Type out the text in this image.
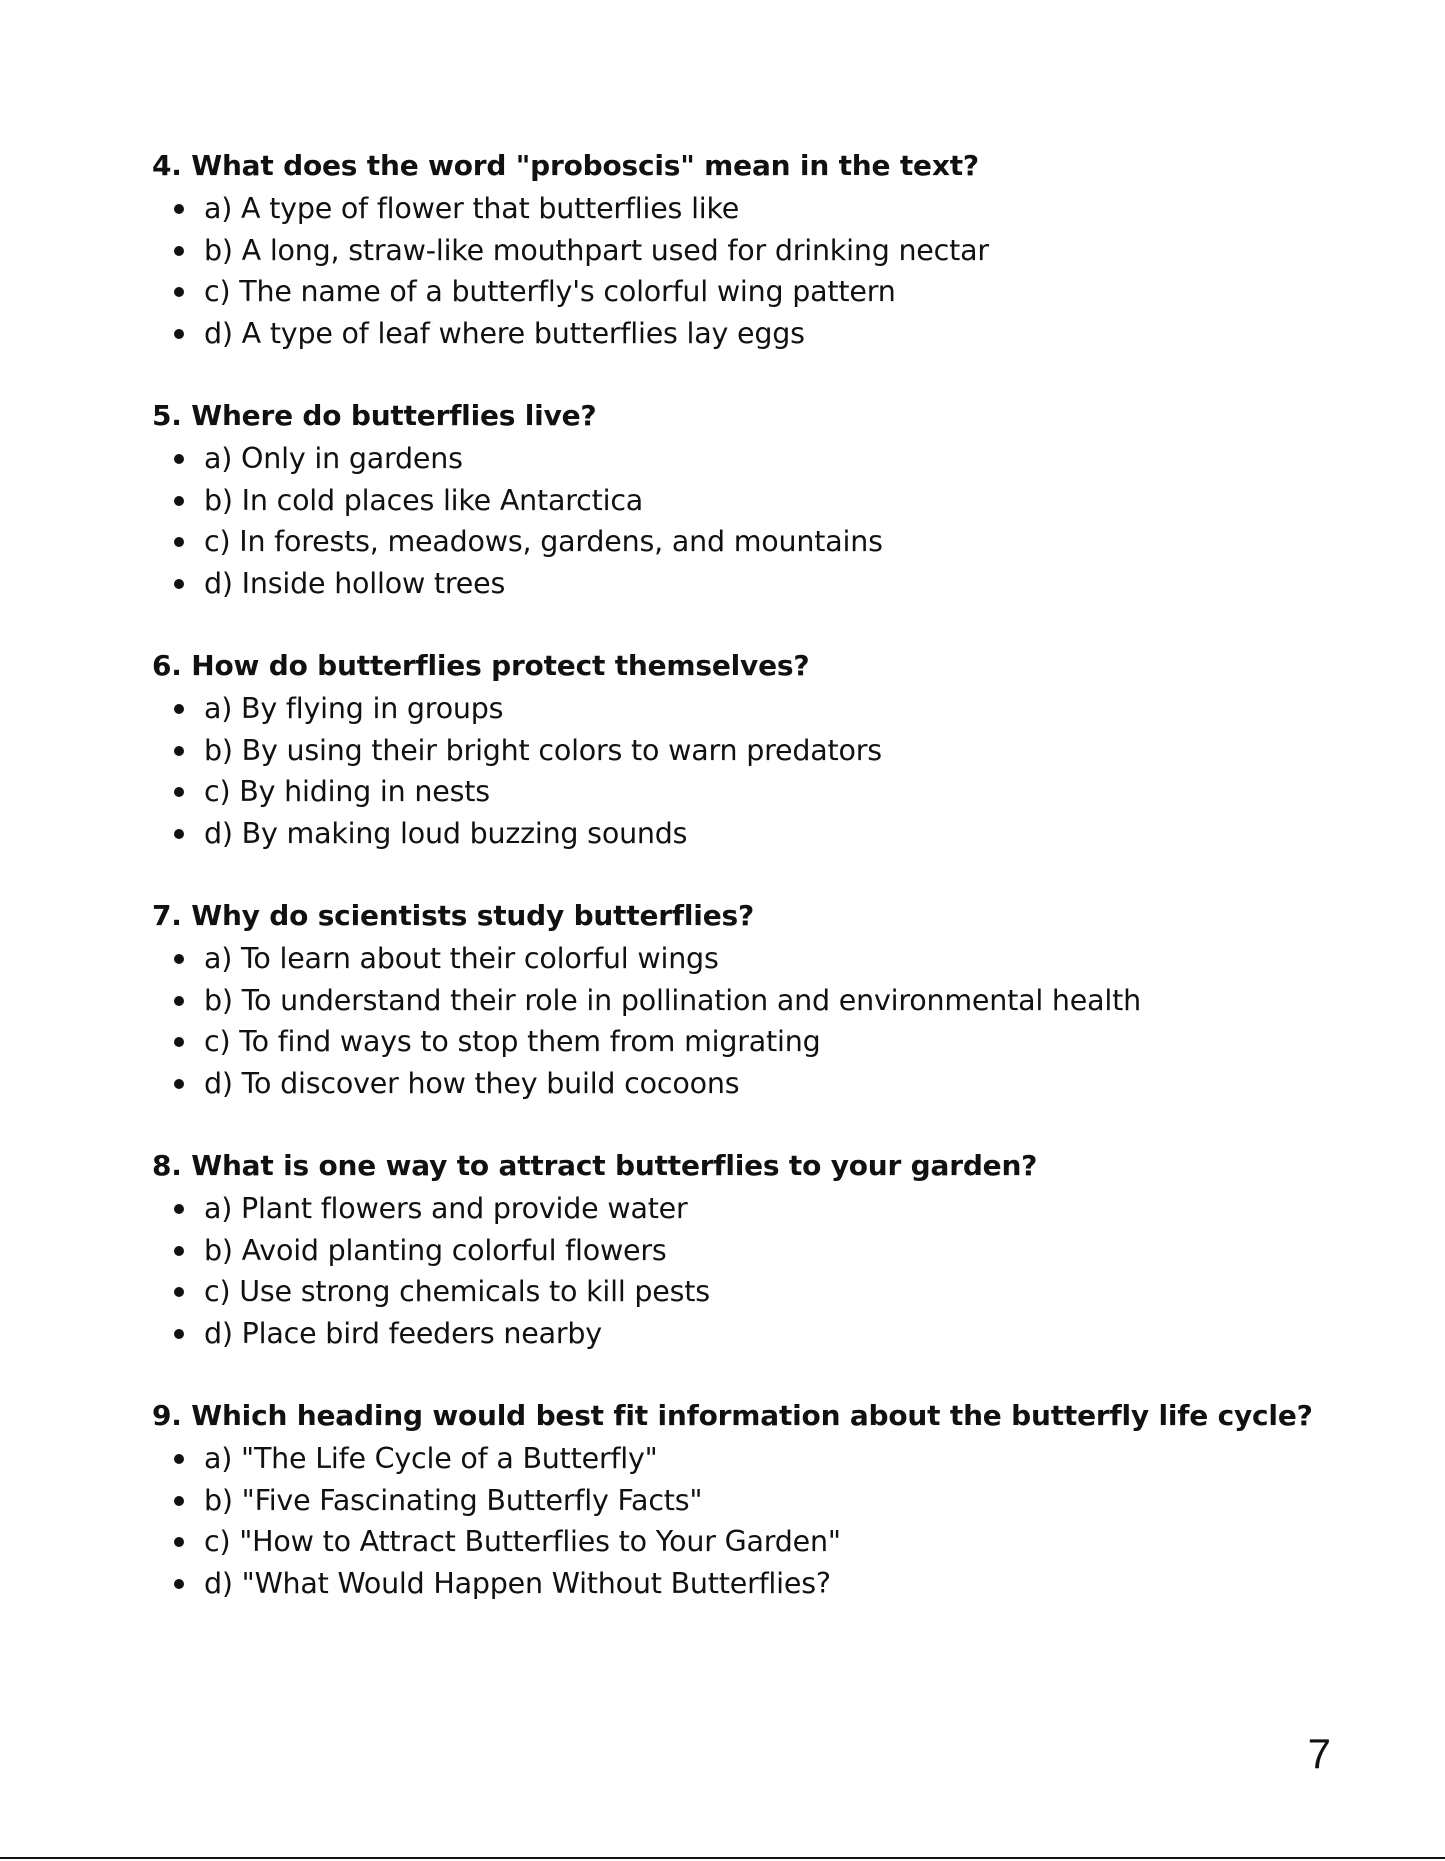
4. What does the word "proboscis" mean in the text?

a) A type of flower that butterflies like
b) A long, straw-like mouthpart used for drinking nectar
c) The name of a butterfly's colorful wing pattern
d) A type of leaf where butterflies lay eggs

5. Where do butterflies live?

a) Only in gardens
b) In cold places like Antarctica
c) In forests, meadows, gardens, and mountains
d) Inside hollow trees

6. How do butterflies protect themselves?

a) By flying in groups
b) By using their bright colors to warn predators
c) By hiding in nests
d) By making loud buzzing sounds

7. Why do scientists study butterflies?

a) To learn about their colorful wings
b) To understand their role in pollination and environmental health
c) To find ways to stop them from migrating
d) To discover how they build cocoons

8. What is one way to attract butterflies to your garden?

a) Plant flowers and provide water
b) Avoid planting colorful flowers
c) Use strong chemicals to kill pests
d) Place bird feeders nearby

9. Which heading would best fit information about the butterfly life cycle?

a) "The Life Cycle of a Butterfly"
b) "Five Fascinating Butterfly Facts"
c) "How to Attract Butterflies to Your Garden"
d) "What Would Happen Without Butterflies?
7
